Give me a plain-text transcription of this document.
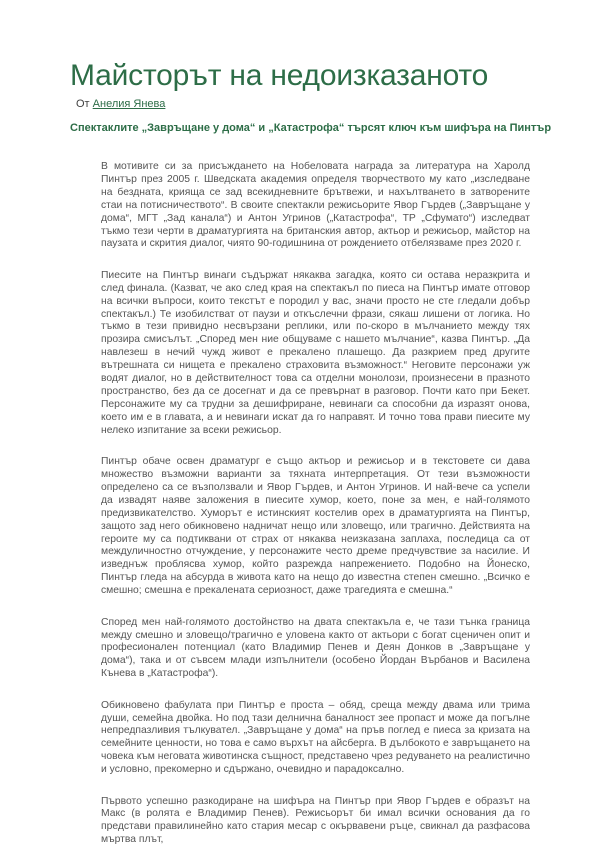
Майсторът на недоизказаното
От Анелия Янева
Спектаклите „Завръщане у дома“ и „Катастрофа“ търсят ключ към шифъра на Пинтър

В мотивите си за присъждането на Нобеловата награда за литература на Харолд Пинтър през 2005 г. Шведската академия определя творчеството му като „изследване на бездната, крияща се зад всекидневните брътвежи, и нахълтването в затворените стаи на потисничеството“. В своите спектакли режисьорите Явор Гърдев („Завръщане у дома“, МГТ „Зад канала“) и Антон Угринов („Катастрофа“, ТР „Сфумато“) изследват тъкмо тези черти в драматургията на британския автор, актьор и режисьор, майстор на паузата и скрития диалог, чиято 90-годишнина от рождението отбелязваме през 2020 г.

Пиесите на Пинтър винаги съдържат някаква загадка, която си остава неразкрита и след финала. (Казват, че ако след края на спектакъл по пиеса на Пинтър имате отговор на всички въпроси, които текстът е породил у вас, значи просто не сте гледали добър спектакъл.) Те изобилстват от паузи и откъслечни фрази, сякаш лишени от логика. Но тъкмо в тези привидно несвързани реплики, или по-скоро в мълчанието между тях прозира смисълът. „Според мен ние общуваме с нашето мълчание“, казва Пинтър. „Да навлезеш в нечий чужд живот е прекалено плашещо. Да разкрием пред другите вътрешната си нищета е прекалено страховита възможност.“ Неговите персонажи уж водят диалог, но в действителност това са отделни монолози, произнесени в празното пространство, без да се досегнат и да се превърнат в разговор. Почти като при Бекет. Персонажите му са трудни за дешифриране, невинаги са способни да изразят онова, което им е в главата, а и невинаги искат да го направят. И точно това прави пиесите му нелеко изпитание за всеки режисьор.

Пинтър обаче освен драматург е също актьор и режисьор и в текстовете си дава множество възможни варианти за тяхната интерпретация. От тези възможности определено са се възползвали и Явор Гърдев, и Антон Угринов. И най-вече са успели да извадят наяве заложения в пиесите хумор, което, поне за мен, е най-голямото предизвикателство. Хуморът е истинският костелив орех в драматургията на Пинтър, защото зад него обикновено надничат нещо или зловещо, или трагично. Действията на героите му са подтиквани от страх от някаква неизказана заплаха, последица са от междуличностно отчуждение, у персонажите често дреме предчувствие за насилие. И изведнъж проблясва хумор, който разрежда напрежението. Подобно на Йонеско, Пинтър гледа на абсурда в живота като на нещо до известна степен смешно. „Всичко е смешно; смешна е прекалената сериозност, даже трагедията е смешна.“

Според мен най-голямото достойнство на двата спектакъла е, че тази тънка граница между смешно и зловещо/трагично е уловена както от актьори с богат сценичен опит и професионален потенциал (като Владимир Пенев и Деян Донков в „Завръщане у дома“), така и от съвсем млади изпълнители (особено Йордан Върбанов и Василена Кънева в „Катастрофа“).

Обикновено фабулата при Пинтър е проста – обяд, среща между двама или трима души, семейна двойка. Но под тази делнична баналност зее пропаст и може да погълне непредпазливия тълкувател. „Завръщане у дома“ на пръв поглед е пиеса за кризата на семейните ценности, но това е само върхът на айсберга. В дълбокото е завръщането на човека към неговата животинска същност, представено чрез редуването на реалистично и условно, прекомерно и сдържано, очевидно и парадоксално.

Първото успешно разкодиране на шифъра на Пинтър при Явор Гърдев е образът на Макс (в ролята е Владимир Пенев). Режисьорът би имал всички основания да го представи правилинейно като стария месар с окървавени ръце, свикнал да разфасова мъртва плът,
